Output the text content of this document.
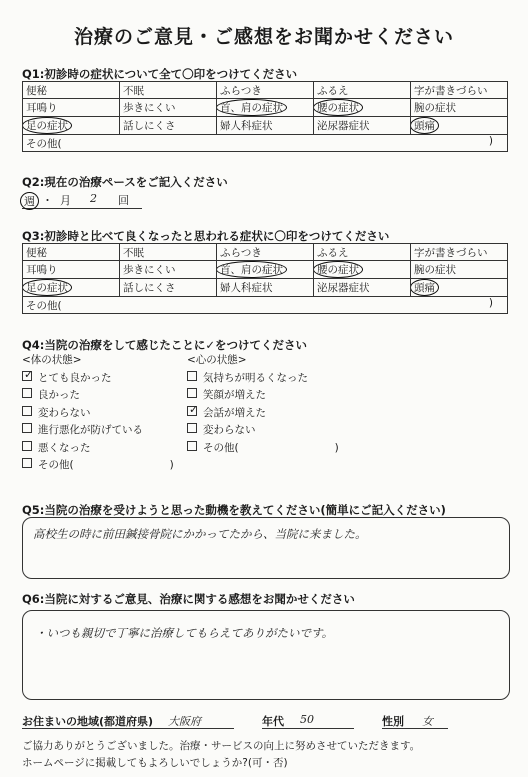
治療のご意見・ご感想をお聞かせください
Q1:初診時の症状について全て〇印をつけてください
便秘	不眠	ふらつき	ふるえ	字が書きづらい
耳鳴り	歩きにくい	首、肩の症状	腰の症状	腕の症状
足の症状	話しにくさ	婦人科症状	泌尿器症状	頭痛
その他( )				
Q2:現在の治療ペースをご記入ください
週 ・ 月 2 回
Q3:初診時と比べて良くなったと思われる症状に〇印をつけてください
便秘	不眠	ふらつき	ふるえ	字が書きづらい
耳鳴り	歩きにくい	首、肩の症状	腰の症状	腕の症状
足の症状	話しにくさ	婦人科症状	泌尿器症状	頭痛
その他( )				
Q4:当院の治療をして感じたことに✓をつけてください
<体の状態>
✓とても良かった
良かった
変わらない
進行悪化が防げている
悪くなった
その他(	)
<心の状態>
気持ちが明るくなった
笑顔が増えた
✓会話が増えた
変わらない
その他(	)
Q5:当院の治療を受けようと思った動機を教えてください(簡単にご記入ください)
高校生の時に前田鍼接骨院にかかってたから、当院に来ました。
Q6:当院に対するご意見、治療に関する感想をお聞かせください
・いつも親切で丁寧に治療してもらえてありがたいです。
お住まいの地域(都道府県) 大阪府	年代 50	性別 女
ご協力ありがとうございました。治療・サービスの向上に努めさせていただきます。
ホームページに掲載してもよろしいでしょうか?(可・否)
